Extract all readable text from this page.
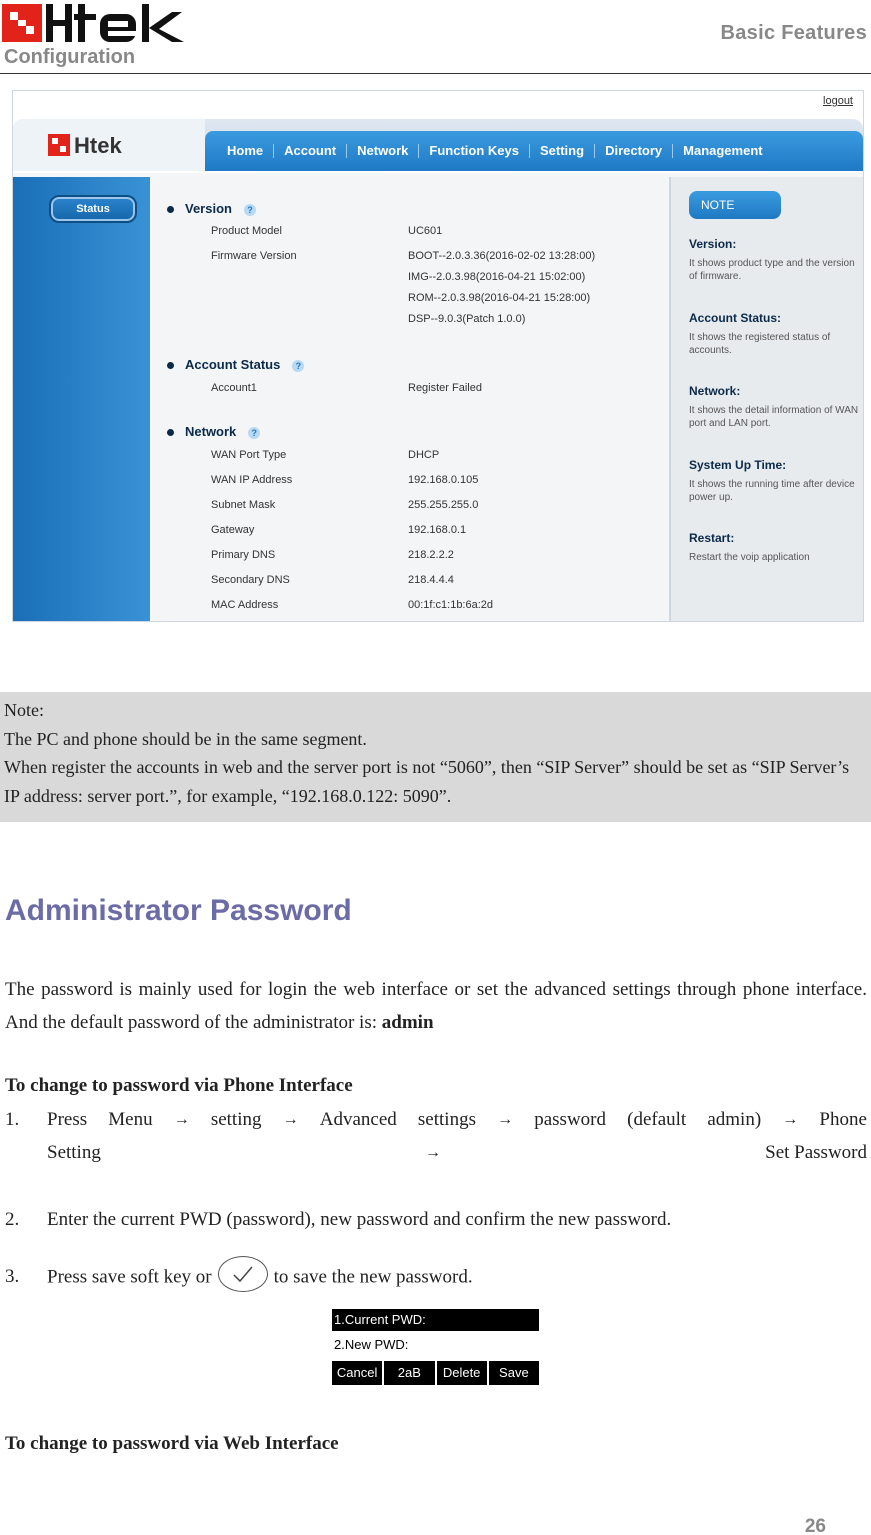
Basic Features
Configuration
logout
Htek	Home	Account	Network	Function Keys	Setting	Directory	Management
Status	Version ?
Product Model	UC601
Firmware Version	BOOT--2.0.3.36(2016-02-02 13:28:00)
IMG--2.0.3.98(2016-04-21 15:02:00)
ROM--2.0.3.98(2016-04-21 15:28:00)
DSP--9.0.3(Patch 1.0.0)
Account Status ?
Account1	Register Failed
Network ?
WAN Port Type	DHCP
WAN IP Address	192.168.0.105
Subnet Mask	255.255.255.0
Gateway	192.168.0.1
Primary DNS	218.2.2.2
Secondary DNS	218.4.4.4
MAC Address	00:1f:c1:1b:6a:2d
NOTE
Version:
It shows product type and the version of firmware.
Account Status:
It shows the registered status of accounts.
Network:
It shows the detail information of WAN port and LAN port.
System Up Time:
It shows the running time after device power up.
Restart:
Restart the voip application
Note:
The PC and phone should be in the same segment.
When register the accounts in web and the server port is not “5060”, then “SIP Server” should be set as “SIP Server’s IP address: server port.”, for example, “192.168.0.122: 5090”.
Administrator Password
The password is mainly used for login the web interface or set the advanced settings through phone interface. And the default password of the administrator is: admin
To change to password via Phone Interface
1. Press Menu → setting → Advanced settings → password (default admin) → Phone
Setting	→	Set Password
2. Enter the current PWD (password), new password and confirm the new password.
3. Press save soft key or	to save the new password.
1.Current PWD:
2.New PWD:
Cancel	2aB	Delete	Save
To change to password via Web Interface
26
